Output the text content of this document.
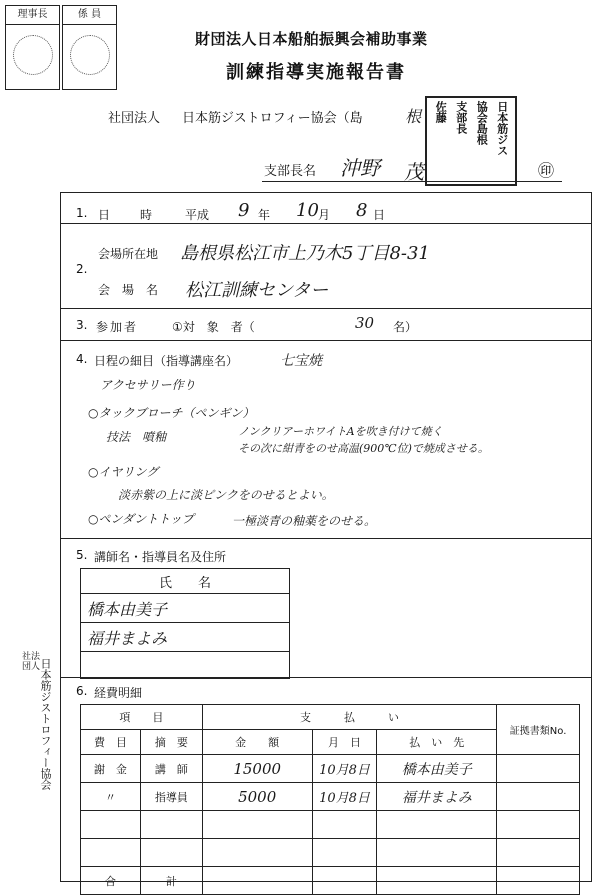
理事長	係 員
財団法人日本船舶振興会補助事業
訓練指導実施報告書
社団法人 日本筋ジストロフィー協会（島	根	日本筋ジス
協会島根
支部長
佐藤
支部長名 沖野 茂	㊞
1. 日　　時	平成 9 年 10 月 8 日
2.
会場所在地 島根県松江市上乃木5丁目8-31
会　場　名 松江訓練センター
3. 参加者	①対　象　者（	30 名）
4. 日程の細目（指導講座名）	七宝焼
アクセサリー作り
○タックブローチ（ペンギン）
技法　噴釉	ノンクリアーホワイトAを吹き付けて焼く
その次に紺青をのせ高温(900℃位)で焼成させる。
○イヤリング
淡赤紫の上に淡ピンクをのせるとよい。
○ペンダントトップ	一極淡青の釉薬をのせる。
5. 講師名・指導員名及住所
氏　　名
橋本由美子
福井まよみ

社法団人
日本筋ジストロフィー協会 6. 経費明細
項　　目		支　　　払　　　い			証拠書類No.
費　目	摘　要	金　　額	月　日	払　い　先	
謝　金	講　師	15000	10月8日	橋本由美子	
〃	指導員	5000	10月8日	福井まよみ	

合	計				
